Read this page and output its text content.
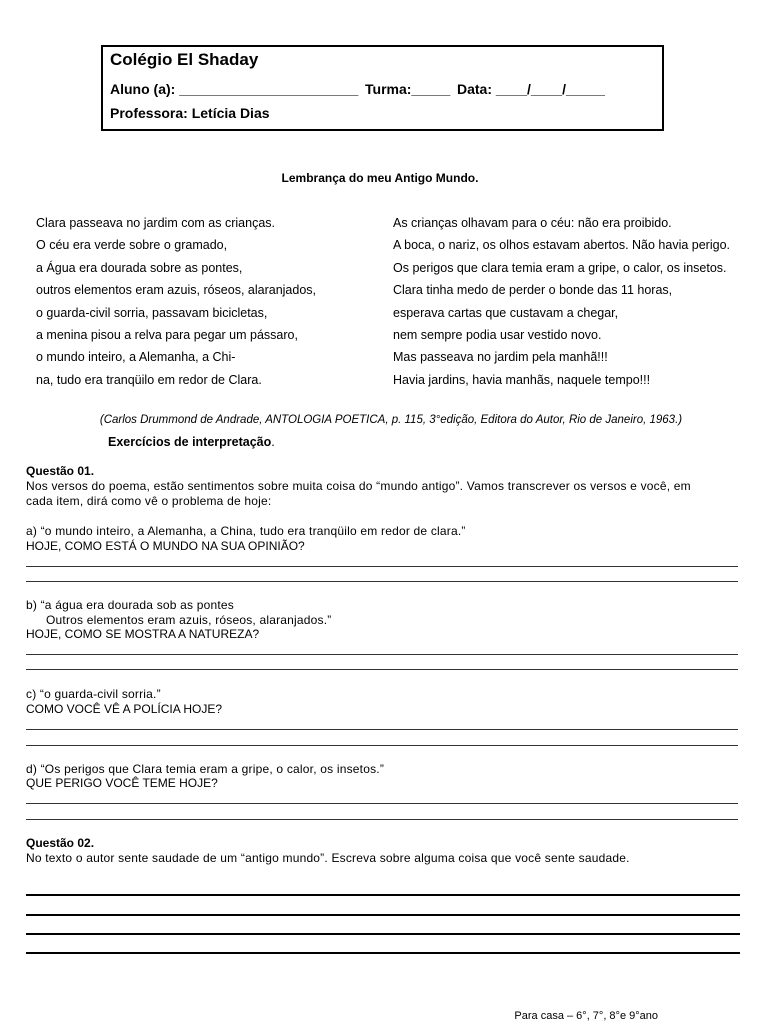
Colégio El Shaday
Aluno (a): _______________________ Turma:_____ Data: ____/____/_____
Professora: Letícia Dias
Lembrança do meu Antigo Mundo.
Clara passeava no jardim com as crianças.
O céu era verde sobre o gramado,
a Água era dourada sobre as pontes,
outros elementos eram azuis, róseos, alaranjados,
o guarda-civil sorria, passavam bicicletas,
a menina pisou a relva para pegar um pássaro,
o mundo inteiro, a Alemanha, a Chi-
na, tudo era tranqüilo em redor de Clara.
As crianças olhavam para o céu: não era proibido.
A boca, o nariz, os olhos estavam abertos. Não havia perigo.
Os perigos que clara temia eram a gripe, o calor, os insetos.
Clara tinha medo de perder o bonde das 11 horas,
esperava cartas que custavam a chegar,
nem sempre podia usar vestido novo.
Mas passeava no jardim pela manhã!!!
Havia jardins, havia manhãs, naquele tempo!!!
(Carlos Drummond de Andrade, ANTOLOGIA POETICA, p. 115, 3°edição, Editora do Autor, Rio de Janeiro, 1963.)
Exercícios de interpretação.
Questão 01.
Nos versos do poema, estão sentimentos sobre muita coisa do “mundo antigo”. Vamos transcrever os versos e você, em
cada item, dirá como vê o problema de hoje:
a) “o mundo inteiro, a Alemanha, a China, tudo era tranqüilo em redor de clara.”
HOJE, COMO ESTÁ O MUNDO NA SUA OPINIÃO?
b) “a água era dourada sob as pontes
Outros elementos eram azuis, róseos, alaranjados.”
HOJE, COMO SE MOSTRA A NATUREZA?
c) “o guarda-civil sorria.”
COMO VOCÊ VÊ A POLÍCIA HOJE?
d) “Os perigos que Clara temia eram a gripe, o calor, os insetos.”
QUE PERIGO VOCÊ TEME HOJE?
Questão 02.
No texto o autor sente saudade de um “antigo mundo”. Escreva sobre alguma coisa que você sente saudade.
Para casa – 6°, 7°, 8°e 9°ano
